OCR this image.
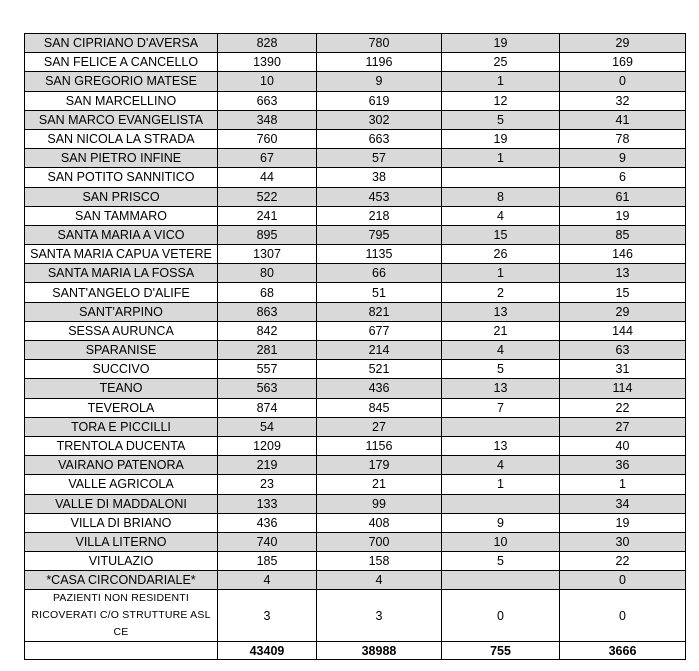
SAN CIPRIANO D'AVERSA	828	780	19	29
SAN FELICE A CANCELLO	1390	1196	25	169
SAN GREGORIO MATESE	10	9	1	0
SAN MARCELLINO	663	619	12	32
SAN MARCO EVANGELISTA	348	302	5	41
SAN NICOLA LA STRADA	760	663	19	78
SAN PIETRO INFINE	67	57	1	9
SAN POTITO SANNITICO	44	38		6
SAN PRISCO	522	453	8	61
SAN TAMMARO	241	218	4	19
SANTA MARIA A VICO	895	795	15	85
SANTA MARIA CAPUA VETERE	1307	1135	26	146
SANTA MARIA LA FOSSA	80	66	1	13
SANT'ANGELO D'ALIFE	68	51	2	15
SANT'ARPINO	863	821	13	29
SESSA AURUNCA	842	677	21	144
SPARANISE	281	214	4	63
SUCCIVO	557	521	5	31
TEANO	563	436	13	114
TEVEROLA	874	845	7	22
TORA E PICCILLI	54	27		27
TRENTOLA DUCENTA	1209	1156	13	40
VAIRANO PATENORA	219	179	4	36
VALLE AGRICOLA	23	21	1	1
VALLE DI MADDALONI	133	99		34
VILLA DI BRIANO	436	408	9	19
VILLA LITERNO	740	700	10	30
VITULAZIO	185	158	5	22
*CASA CIRCONDARIALE*	4	4		0
PAZIENTI NON RESIDENTI RICOVERATI C/O STRUTTURE ASL CE	3	3	0	0
	43409	38988	755	3666
